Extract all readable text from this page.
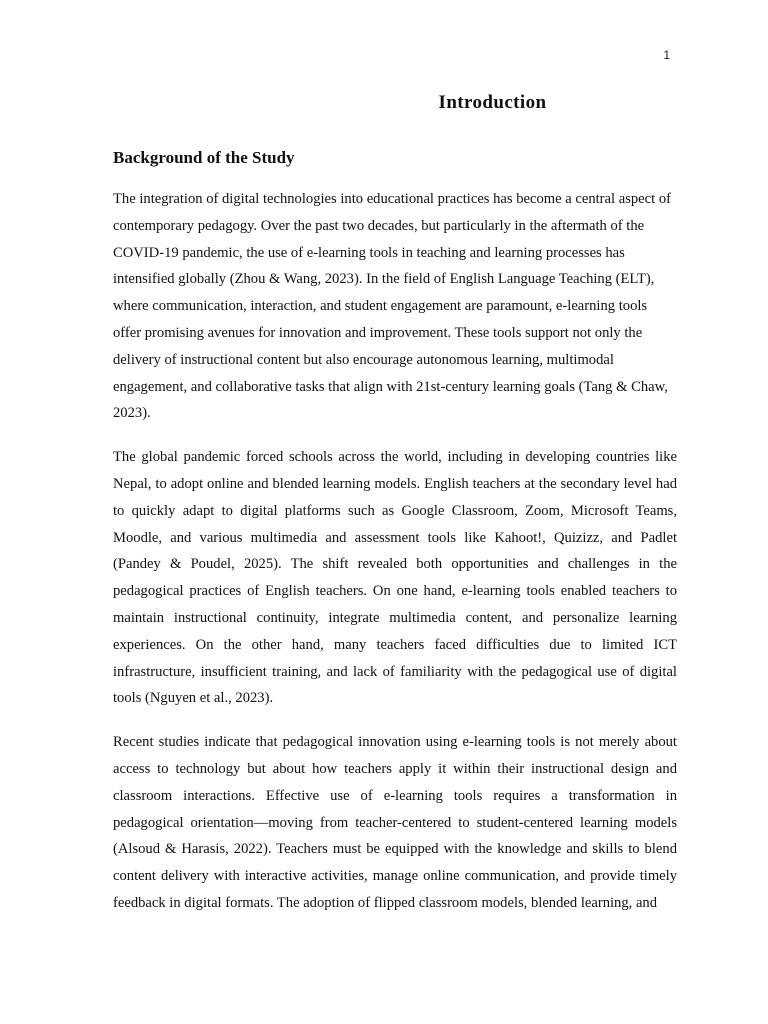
1
Introduction
Background of the Study

The integration of digital technologies into educational practices has become a central aspect of contemporary pedagogy. Over the past two decades, but particularly in the aftermath of the COVID-19 pandemic, the use of e-learning tools in teaching and learning processes has intensified globally (Zhou & Wang, 2023). In the field of English Language Teaching (ELT), where communication, interaction, and student engagement are paramount, e-learning tools offer promising avenues for innovation and improvement. These tools support not only the delivery of instructional content but also encourage autonomous learning, multimodal engagement, and collaborative tasks that align with 21st-century learning goals (Tang & Chaw, 2023).

The global pandemic forced schools across the world, including in developing countries like Nepal, to adopt online and blended learning models. English teachers at the secondary level had to quickly adapt to digital platforms such as Google Classroom, Zoom, Microsoft Teams, Moodle, and various multimedia and assessment tools like Kahoot!, Quizizz, and Padlet (Pandey & Poudel, 2025). The shift revealed both opportunities and challenges in the pedagogical practices of English teachers. On one hand, e-learning tools enabled teachers to maintain instructional continuity, integrate multimedia content, and personalize learning experiences. On the other hand, many teachers faced difficulties due to limited ICT infrastructure, insufficient training, and lack of familiarity with the pedagogical use of digital tools (Nguyen et al., 2023).

Recent studies indicate that pedagogical innovation using e-learning tools is not merely about access to technology but about how teachers apply it within their instructional design and classroom interactions. Effective use of e-learning tools requires a transformation in pedagogical orientation—moving from teacher-centered to student-centered learning models (Alsoud & Harasis, 2022). Teachers must be equipped with the knowledge and skills to blend content delivery with interactive activities, manage online communication, and provide timely feedback in digital formats. The adoption of flipped classroom models, blended learning, and
